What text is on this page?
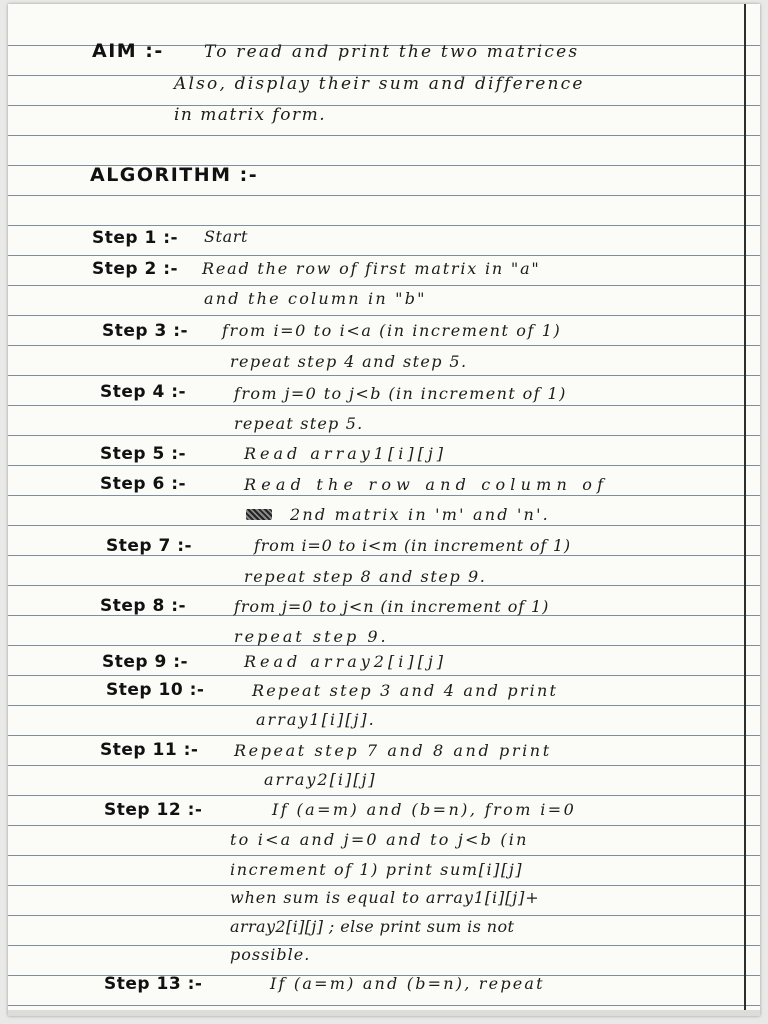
AIM :- To read and print the two matrices
Also, display their sum and difference
in matrix form.
ALGORITHM :-
Step 1 :- Start
Step 2 :- Read the row of first matrix in "a"
and the column in "b"
Step 3 :- from i=0 to i<a (in increment of 1)
repeat step 4 and step 5.
Step 4 :-	from j=0 to j<b (in increment of 1)
repeat step 5.
Step 5 :-	Read array1[i][j]
Step 6 :-	Read the row and column of
2nd matrix in 'm' and 'n'.
Step 7 :-	from i=0 to i<m (in increment of 1)
repeat step 8 and step 9.
Step 8 :-	from j=0 to j<n (in increment of 1)
repeat step 9.
Step 9 :-	Read array2[i][j]
Step 10 :-	Repeat step 3 and 4 and print
array1[i][j].
Step 11 :- Repeat step 7 and 8 and print
array2[i][j]
Step 12 :-	If (a=m) and (b=n), from i=0
to i<a and j=0 and to j<b (in
increment of 1) print sum[i][j]
when sum is equal to array1[i][j]+
array2[i][j] ; else print sum is not
possible.
Step 13 :-	If (a=m) and (b=n), repeat
